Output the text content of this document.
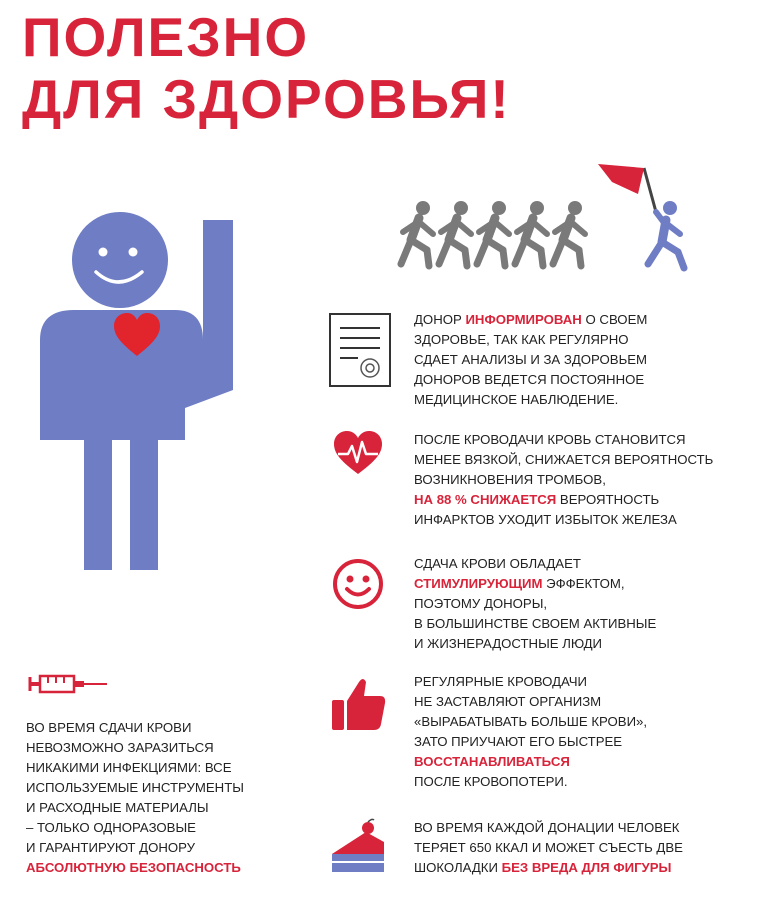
ПОЛЕЗНО
ДЛЯ ЗДОРОВЬЯ!
ДОНОР ИНФОРМИРОВАН О СВОЕМ
ЗДОРОВЬЕ, ТАК КАК РЕГУЛЯРНО
СДАЕТ АНАЛИЗЫ И ЗА ЗДОРОВЬЕМ
ДОНОРОВ ВЕДЕТСЯ ПОСТОЯННОЕ
МЕДИЦИНСКОЕ НАБЛЮДЕНИЕ.
ПОСЛЕ КРОВОДАЧИ КРОВЬ СТАНОВИТСЯ
МЕНЕЕ ВЯЗКОЙ, СНИЖАЕТСЯ ВЕРОЯТНОСТЬ
ВОЗНИКНОВЕНИЯ ТРОМБОВ,
НА 88 % СНИЖАЕТСЯ ВЕРОЯТНОСТЬ
ИНФАРКТОВ УХОДИТ ИЗБЫТОК ЖЕЛЕЗА
СДАЧА КРОВИ ОБЛАДАЕТ
СТИМУЛИРУЮЩИМ ЭФФЕКТОМ,
ПОЭТОМУ ДОНОРЫ,
В БОЛЬШИНСТВЕ СВОЕМ АКТИВНЫЕ
И ЖИЗНЕРАДОСТНЫЕ ЛЮДИ
РЕГУЛЯРНЫЕ КРОВОДАЧИ
НЕ ЗАСТАВЛЯЮТ ОРГАНИЗМ
«ВЫРАБАТЫВАТЬ БОЛЬШЕ КРОВИ»,
ЗАТО ПРИУЧАЮТ ЕГО БЫСТРЕЕ
ВОССТАНАВЛИВАТЬСЯ
ПОСЛЕ КРОВОПОТЕРИ.
ВО ВРЕМЯ КАЖДОЙ ДОНАЦИИ ЧЕЛОВЕК
ТЕРЯЕТ 650 ККАЛ И МОЖЕТ СЪЕСТЬ ДВЕ
ШОКОЛАДКИ БЕЗ ВРЕДА ДЛЯ ФИГУРЫ
ВО ВРЕМЯ СДАЧИ КРОВИ
НЕВОЗМОЖНО ЗАРАЗИТЬСЯ
НИКАКИМИ ИНФЕКЦИЯМИ: ВСЕ
ИСПОЛЬЗУЕМЫЕ ИНСТРУМЕНТЫ
И РАСХОДНЫЕ МАТЕРИАЛЫ
– ТОЛЬКО ОДНОРАЗОВЫЕ
И ГАРАНТИРУЮТ ДОНОРУ
АБСОЛЮТНУЮ БЕЗОПАСНОСТЬ
